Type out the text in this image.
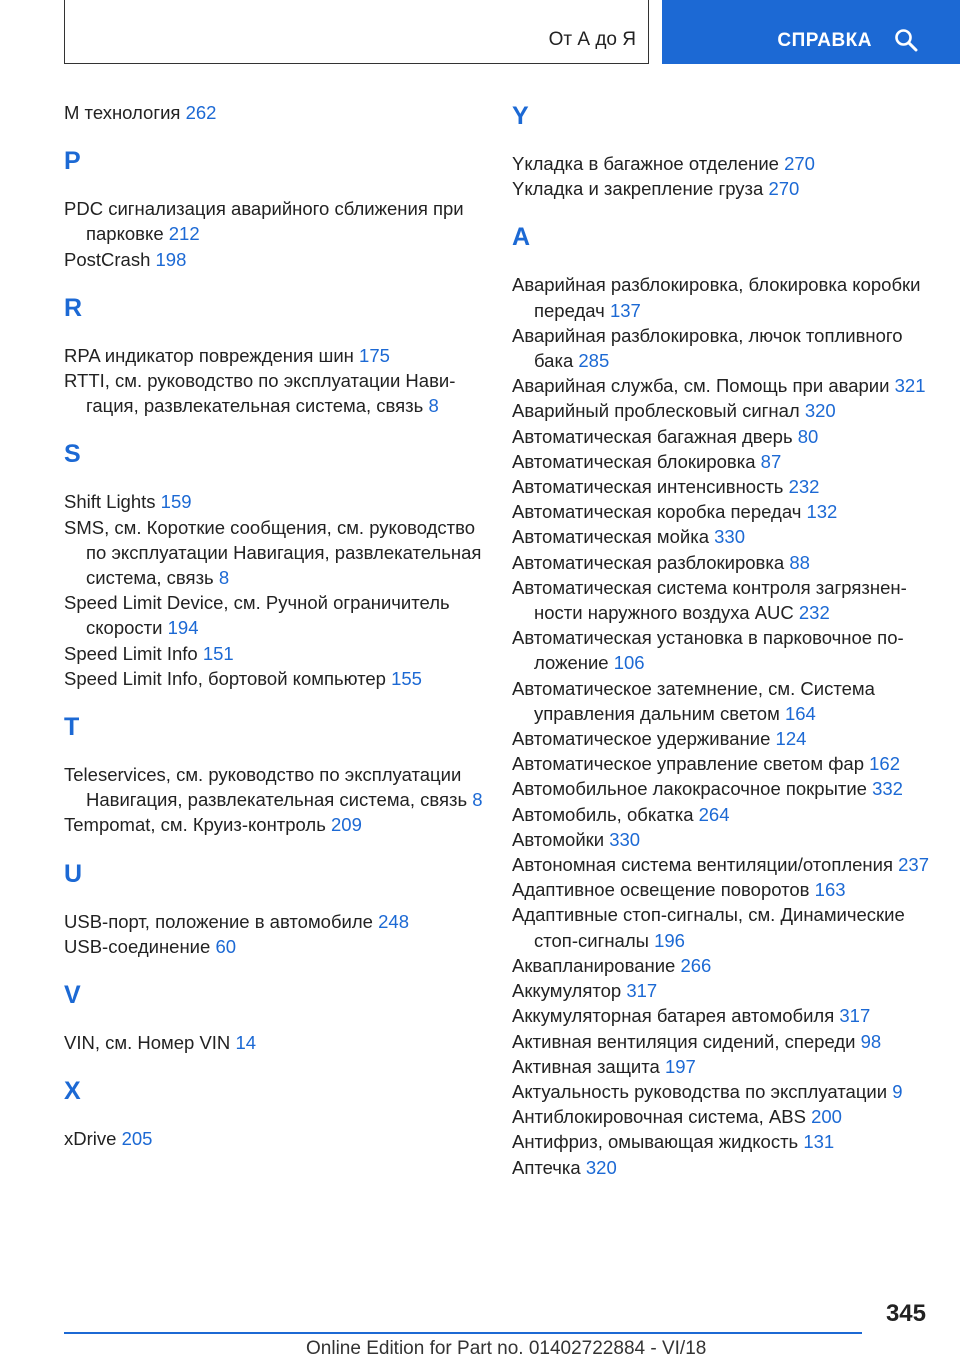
От А до Я	СПРАВКА
M технология 262
P
PDC сигнализация аварийного сближения при парковке 212
PostCrash 198
R
RPA индикатор повреждения шин 175
RTTI, см. руководство по эксплуатации Навигация, развлекательная система, связь 8
S
Shift Lights 159
SMS, см. Короткие сообщения, см. руководство по эксплуатации Навигация, развлекательная система, связь 8
Speed Limit Device, см. Ручной ограничитель скорости 194
Speed Limit Info 151
Speed Limit Info, бортовой компьютер 155
T
Teleservices, см. руководство по эксплуатации Навигация, развлекательная система, связь 8
Tempomat, см. Круиз-контроль 209
U
USB-порт, положение в автомобиле 248
USB-соединение 60
V
VIN, см. Номер VIN 14
X
xDrive 205
Y
Yкладка в багажное отделение 270
Yкладка и закрепление груза 270
А
Аварийная разблокировка, блокировка коробки передач 137
Аварийная разблокировка, лючок топливного бака 285
Аварийная служба, см. Помощь при аварии 321
Аварийный проблесковый сигнал 320
Автоматическая багажная дверь 80
Автоматическая блокировка 87
Автоматическая интенсивность 232
Автоматическая коробка передач 132
Автоматическая мойка 330
Автоматическая разблокировка 88
Автоматическая система контроля загрязненности наружного воздуха AUC 232
Автоматическая установка в парковочное положение 106
Автоматическое затемнение, см. Система управления дальним светом 164
Автоматическое удерживание 124
Автоматическое управление светом фар 162
Автомобильное лакокрасочное покрытие 332
Автомобиль, обкатка 264
Автомойки 330
Автономная система вентиляции/отопления 237
Адаптивное освещение поворотов 163
Адаптивные стоп-сигналы, см. Динамические стоп-сигналы 196
Аквапланирование 266
Аккумулятор 317
Аккумуляторная батарея автомобиля 317
Активная вентиляция сидений, спереди 98
Активная защита 197
Актуальность руководства по эксплуатации 9
Антиблокировочная система, ABS 200
Антифриз, омывающая жидкость 131
Аптечка 320
345
Online Edition for Part no. 01402722884 - VI/18
